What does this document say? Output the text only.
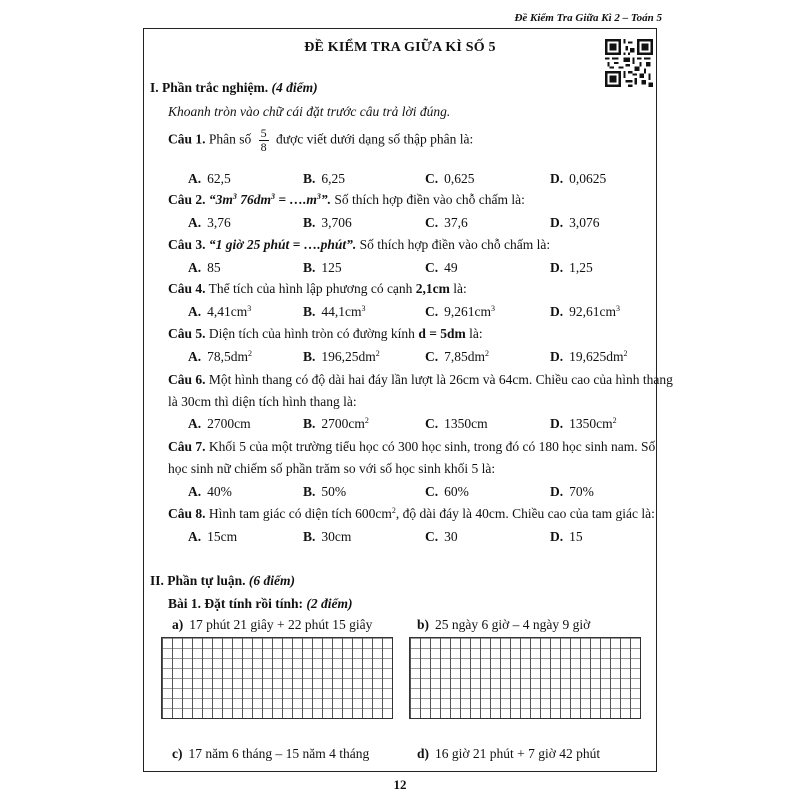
Đề Kiểm Tra Giữa Kì 2 – Toán 5
ĐỀ KIỂM TRA GIỮA KÌ SỐ 5
I. Phần trắc nghiệm. (4 điểm)
Khoanh tròn vào chữ cái đặt trước câu trả lời đúng.
Câu 1. Phân số $\frac{5}{8}$ được viết dưới dạng số thập phân là:
A. 62,5	B. 6,25	C. 0,625	D. 0,0625
Câu 2. “$3m^3$ $76dm^3$ = $\dots.m^3$”. Số thích hợp điền vào chỗ chấm là:
A. 3,76	B. 3,706	C. 37,6	D. 3,076
Câu 3. “1 giờ 25 phút = ….phút”. Số thích hợp điền vào chỗ chấm là:
A. 85	B. 125	C. 49	D. 1,25
Câu 4. Thể tích của hình lập phương có cạnh 2,1cm là:
A. $4,41cm^3$	B. $44,1cm^3$	C. $9,261cm^3$	D. $92,61cm^3$
Câu 5. Diện tích của hình tròn có đường kính d = 5dm là:
A. $78,5dm^2$	B. $196,25dm^2$	C. $7,85dm^2$	D. $19,625dm^2$
Câu 6. Một hình thang có độ dài hai đáy lần lượt là 26cm và 64cm. Chiều cao của hình thang
là 30cm thì diện tích hình thang là:
A. 2700cm	B. $2700cm^2$	C. 1350cm	D. $1350cm^2$
Câu 7. Khối 5 của một trường tiểu học có 300 học sinh, trong đó có 180 học sinh nam. Số
học sinh nữ chiếm số phần trăm so với số học sinh khối 5 là:
A. 40%	B. 50%	C. 60%	D. 70%
Câu 8. Hình tam giác có diện tích $600cm^2$, độ dài đáy là 40cm. Chiều cao của tam giác là:
A. 15cm	B. 30cm	C. 30	D. 15
II. Phần tự luận. (6 điểm)
Bài 1. Đặt tính rồi tính: (2 điểm)
a) 17 phút 21 giây + 22 phút 15 giây	b) 25 ngày 6 giờ – 4 ngày 9 giờ
c) 17 năm 6 tháng – 15 năm 4 tháng	d) 16 giờ 21 phút + 7 giờ 42 phút
12
